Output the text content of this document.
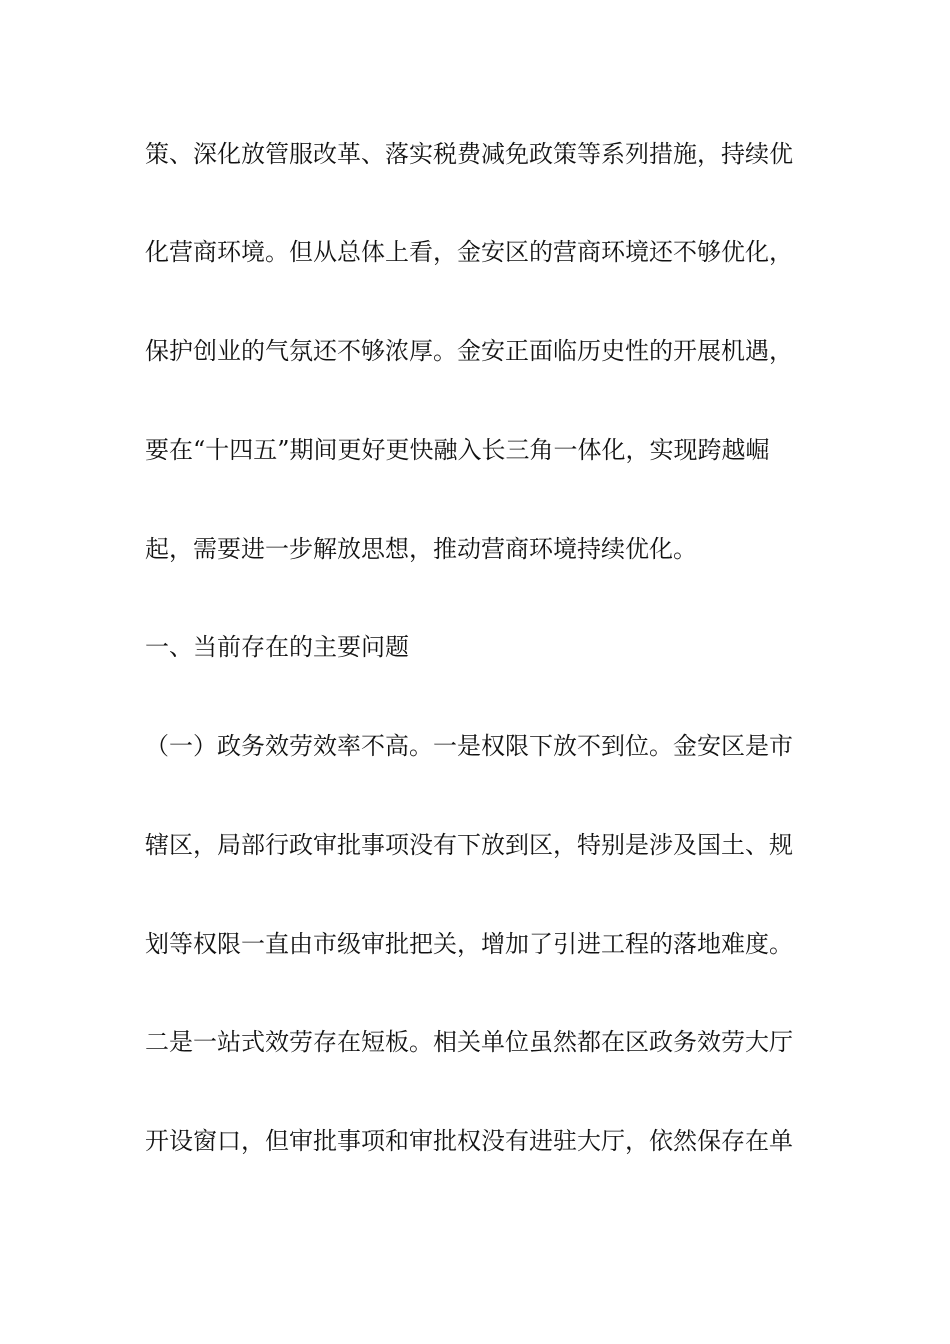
策、深化放管服改革、落实税费减免政策等系列措施，持续优

化营商环境。但从总体上看，金安区的营商环境还不够优化，

保护创业的气氛还不够浓厚。金安正面临历史性的开展机遇，

要在“十四五”期间更好更快融入长三角一体化，实现跨越崛

起，需要进一步解放思想，推动营商环境持续优化。

一、当前存在的主要问题

（一）政务效劳效率不高。一是权限下放不到位。金安区是市

辖区，局部行政审批事项没有下放到区，特别是涉及国土、规

划等权限一直由市级审批把关，增加了引进工程的落地难度。

二是一站式效劳存在短板。相关单位虽然都在区政务效劳大厅

开设窗口，但审批事项和审批权没有进驻大厅，依然保存在单
